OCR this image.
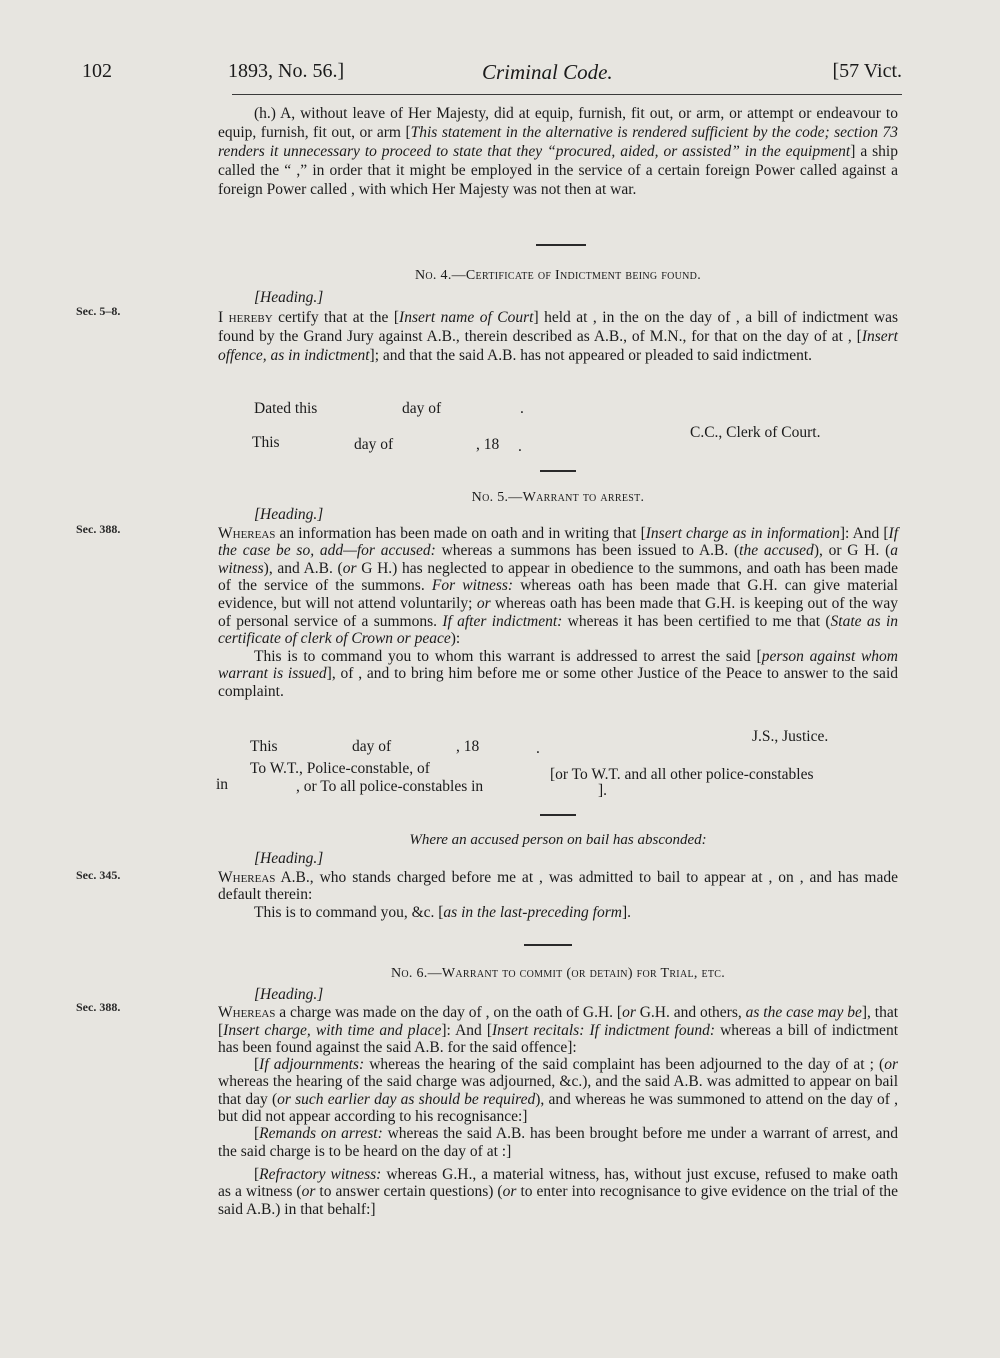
102	1893, No. 56.]	Criminal Code.	[57 Vict.

(h.) A, without leave of Her Majesty, did at equip, furnish, fit out, or arm, or attempt or endeavour to equip, furnish, fit out, or arm [This statement in the alternative is rendered sufficient by the code; section 73 renders it unnecessary to proceed to state that they “procured, aided, or assisted” in the equipment] a ship called the “ ,” in order that it might be employed in the service of a certain foreign Power called against a foreign Power called , with which Her Majesty was not then at war.

No. 4.—Certificate of Indictment being found.
Sec. 5–8.

[Heading.]

I hereby certify that at the [Insert name of Court] held at , in the on the day of , a bill of indictment was found by the Grand Jury against A.B., therein described as A.B., of M.N., for that on the day of at , [Insert offence, as in indictment]; and that the said A.B. has not appeared or pleaded to said indictment.

Dated this	day of	.
C.C., Clerk of Court.
This	day of	, 18 .
No. 5.—Warrant to arrest.
Sec. 388.

[Heading.]

Whereas an information has been made on oath and in writing that [Insert charge as in information]: And [If the case be so, add—for accused: whereas a summons has been issued to A.B. (the accused), or G H. (a witness), and A.B. (or G H.) has neglected to appear in obedience to the summons, and oath has been made of the service of the summons. For witness: whereas oath has been made that G.H. can give material evidence, but will not attend voluntarily; or whereas oath has been made that G.H. is keeping out of the way of personal service of a summons. If after indictment: whereas it has been certified to me that (State as in certificate of clerk of Crown or peace):

This is to command you to whom this warrant is addressed to arrest the said [person against whom warrant is issued], of , and to bring him before me or some other Justice of the Peace to answer to the said complaint.

J.S., Justice.
This	day of	, 18	.
To W.T., Police-constable, of	[or To W.T. and all other police-constables
in	, or To all police-constables in	].
Where an accused person on bail has absconded:
Sec. 345.

[Heading.]

Whereas A.B., who stands charged before me at , was admitted to bail to appear at , on , and has made default therein:

This is to command you, &c. [as in the last-preceding form].

No. 6.—Warrant to commit (or detain) for Trial, etc.
Sec. 388.

[Heading.]

Whereas a charge was made on the day of , on the oath of G.H. [or G.H. and others, as the case may be], that [Insert charge, with time and place]: And [Insert recitals: If indictment found: whereas a bill of indictment has been found against the said A.B. for the said offence]:

[If adjournments: whereas the hearing of the said complaint has been adjourned to the day of at ; (or whereas the hearing of the said charge was adjourned, &c.), and the said A.B. was admitted to appear on bail that day (or such earlier day as should be required), and whereas he was summoned to attend on the day of , but did not appear according to his recognisance:]

[Remands on arrest: whereas the said A.B. has been brought before me under a warrant of arrest, and the said charge is to be heard on the day of at :]

[Refractory witness: whereas G.H., a material witness, has, without just excuse, refused to make oath as a witness (or to answer certain questions) (or to enter into recognisance to give evidence on the trial of the said A.B.) in that behalf:]
